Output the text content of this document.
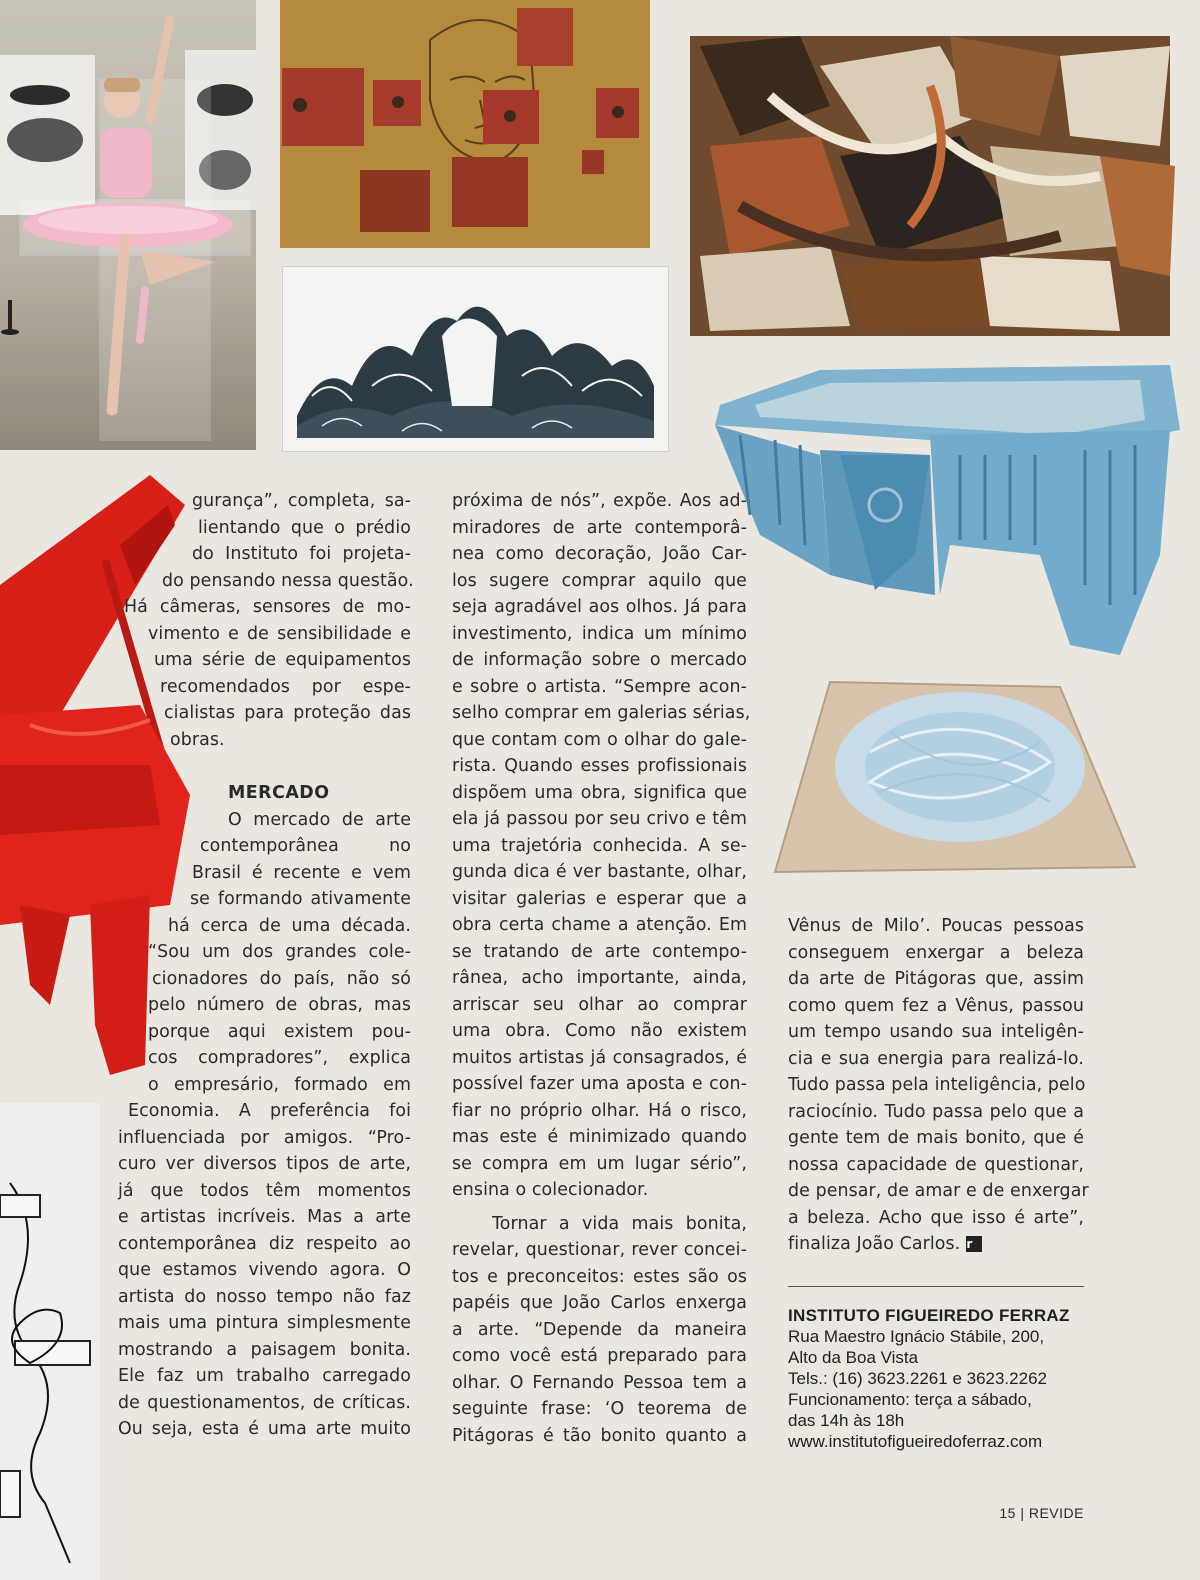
gurança”, completa, sa-
lientando que o prédio
do Instituto foi projeta-
do pensando nessa questão.
Há câmeras, sensores de mo-
vimento e de sensibilidade e
uma série de equipamentos
recomendados por espe-
cialistas para proteção das
obras.
MERCADO
O mercado de arte
contemporânea no
Brasil é recente e vem
se formando ativamente
há cerca de uma década.
“Sou um dos grandes cole-
cionadores do país, não só
pelo número de obras, mas
porque aqui existem pou-
cos compradores”, explica
o empresário, formado em
Economia. A preferência foi
influenciada por amigos. “Pro-
curo ver diversos tipos de arte,
já que todos têm momentos
e artistas incríveis. Mas a arte
contemporânea diz respeito ao
que estamos vivendo agora. O
artista do nosso tempo não faz
mais uma pintura simplesmente
mostrando a paisagem bonita.
Ele faz um trabalho carregado
de questionamentos, de críticas.
Ou seja, esta é uma arte muito
próxima de nós”, expõe. Aos ad-
miradores de arte contemporâ-
nea como decoração, João Car-
los sugere comprar aquilo que
seja agradável aos olhos. Já para
investimento, indica um mínimo
de informação sobre o mercado
e sobre o artista. “Sempre acon-
selho comprar em galerias sérias,
que contam com o olhar do gale-
rista. Quando esses profissionais
dispõem uma obra, significa que
ela já passou por seu crivo e têm
uma trajetória conhecida. A se-
gunda dica é ver bastante, olhar,
visitar galerias e esperar que a
obra certa chame a atenção. Em
se tratando de arte contempo-
rânea, acho importante, ainda,
arriscar seu olhar ao comprar
uma obra. Como não existem
muitos artistas já consagrados, é
possível fazer uma aposta e con-
fiar no próprio olhar. Há o risco,
mas este é minimizado quando
se compra em um lugar sério”,
ensina o colecionador.
Tornar a vida mais bonita,
revelar, questionar, rever concei-
tos e preconceitos: estes são os
papéis que João Carlos enxerga
a arte. “Depende da maneira
como você está preparado para
olhar. O Fernando Pessoa tem a
seguinte frase: ‘O teorema de
Pitágoras é tão bonito quanto a
Vênus de Milo’. Poucas pessoas
conseguem enxergar a beleza
da arte de Pitágoras que, assim
como quem fez a Vênus, passou
um tempo usando sua inteligên-
cia e sua energia para realizá-lo.
Tudo passa pela inteligência, pelo
raciocínio. Tudo passa pelo que a
gente tem de mais bonito, que é
nossa capacidade de questionar,
de pensar, de amar e de enxergar
a beleza. Acho que isso é arte”,
finaliza João Carlos. r
INSTITUTO FIGUEIREDO FERRAZ
Rua Maestro Ignácio Stábile, 200,
Alto da Boa Vista
Tels.: (16) 3623.2261 e 3623.2262
Funcionamento: terça a sábado,
das 14h às 18h
www.institutofigueiredoferraz.com
15 | REVIDE
